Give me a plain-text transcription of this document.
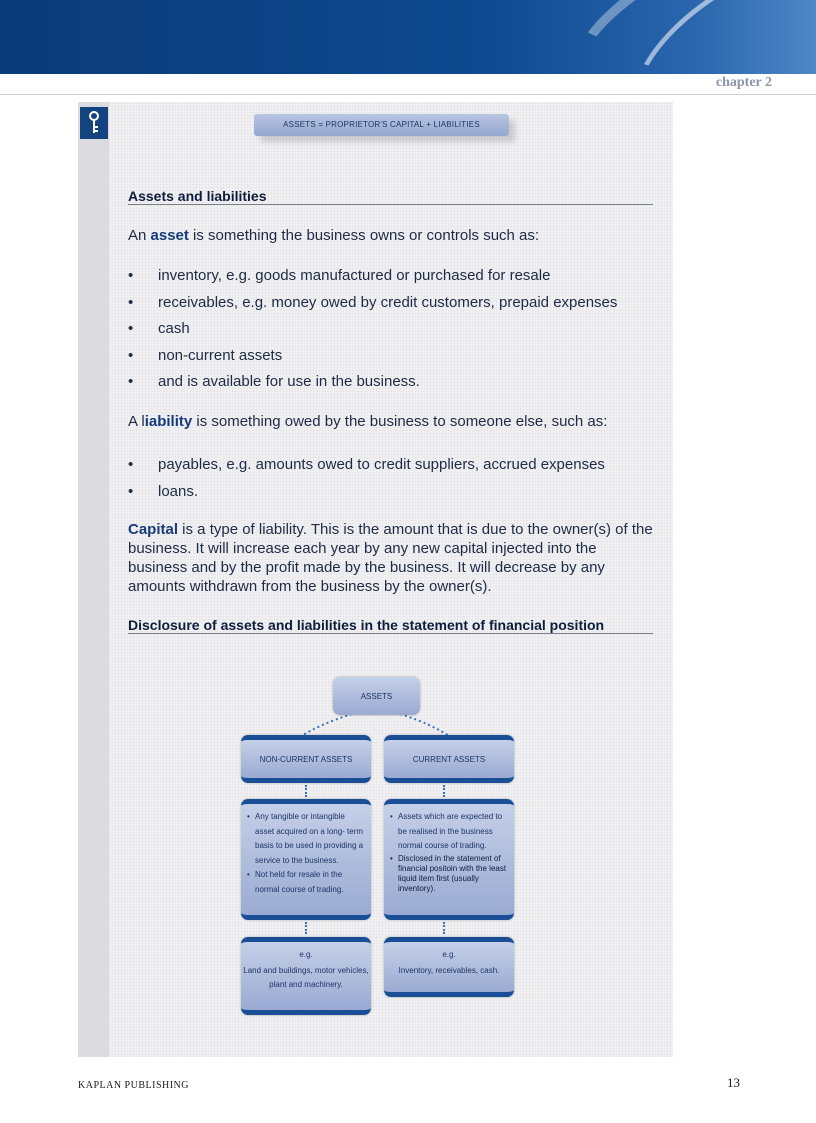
chapter 2
ASSETS = PROPRIETOR'S CAPITAL + LIABILITIES
Assets and liabilities
An asset is something the business owns or controls such as:
• inventory, e.g. goods manufactured or purchased for resale
• receivables, e.g. money owed by credit customers, prepaid expenses
• cash
• non-current assets
• and is available for use in the business.
A liability is something owed by the business to someone else, such as:
• payables, e.g. amounts owed to credit suppliers, accrued expenses
• loans.
Capital is a type of liability. This is the amount that is due to the owner(s) of the business. It will increase each year by any new capital injected into the business and by the profit made by the business. It will decrease by any amounts withdrawn from the business by the owner(s).
Disclosure of assets and liabilities in the statement of financial position
ASSETS
NON-CURRENT ASSETS	CURRENT ASSETS
• Any tangible or intangible asset acquired on a long- term basis to be used in providing a service to the business.
• Not held for resale in the normal course of trading.
• Assets which are expected to be realised in the business normal course of trading.
• Disclosed in the statement of financial positoin with the least liquid item first (usually inventory).
e.g.
Land and buildings, motor vehicles, plant and machinery.
e.g.
Inventory, receivables, cash.
KAPLAN PUBLISHING	13
